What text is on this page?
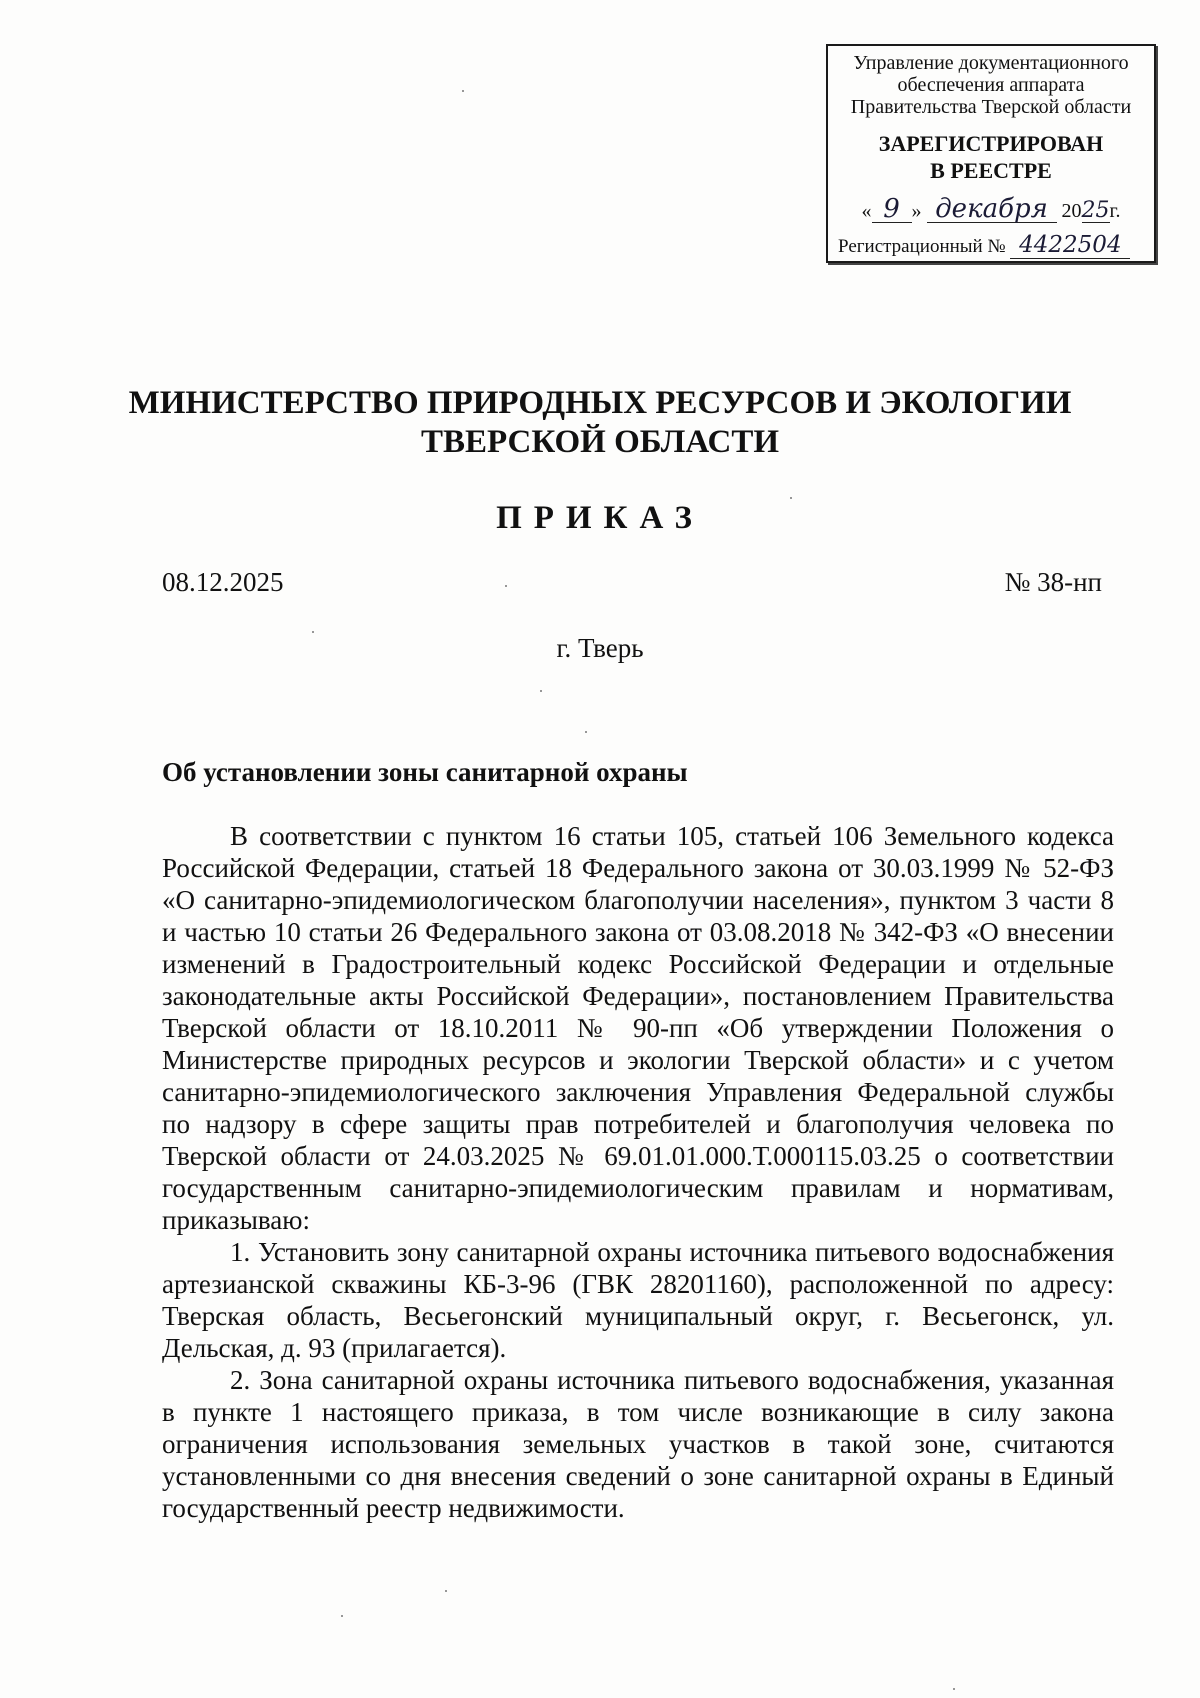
Управление документационного
обеспечения аппарата
Правительства Тверской области
ЗАРЕГИСТРИРОВАН
В РЕЕСТРЕ
« 9 » декабря 2025г.
Регистрационный № 4422504
МИНИСТЕРСТВО ПРИРОДНЫХ РЕСУРСОВ И ЭКОЛОГИИ
ТВЕРСКОЙ ОБЛАСТИ
ПРИКАЗ
08.12.2025	№ 38-нп
г. Тверь
Об установлении зоны санитарной охраны

В соответствии с пунктом 16 статьи 105, статьей 106 Земельного кодекса Российской Федерации, статьей 18 Федерального закона от 30.03.1999 № 52-ФЗ «О санитарно-эпидемиологическом благополучии населения», пунктом 3 части 8 и частью 10 статьи 26 Федерального закона от 03.08.2018 № 342-ФЗ «О внесении изменений в Градостроительный кодекс Российской Федерации и отдельные законодательные акты Российской Федерации», постановлением Правительства Тверской области от 18.10.2011 № 90-пп «Об утверждении Положения о Министерстве природных ресурсов и экологии Тверской области» и с учетом санитарно-эпидемиологического заключения Управления Федеральной службы по надзору в сфере защиты прав потребителей и благополучия человека по Тверской области от 24.03.2025 № 69.01.01.000.Т.000115.03.25 о соответствии государственным санитарно-эпидемиологическим правилам и нормативам, приказываю:

1. Установить зону санитарной охраны источника питьевого водоснабжения артезианской скважины КБ-3-96 (ГВК 28201160), расположенной по адресу: Тверская область, Весьегонский муниципальный округ, г. Весьегонск, ул. Дельская, д. 93 (прилагается).

2. Зона санитарной охраны источника питьевого водоснабжения, указанная в пункте 1 настоящего приказа, в том числе возникающие в силу закона ограничения использования земельных участков в такой зоне, считаются установленными со дня внесения сведений о зоне санитарной охраны в Единый государственный реестр недвижимости.
